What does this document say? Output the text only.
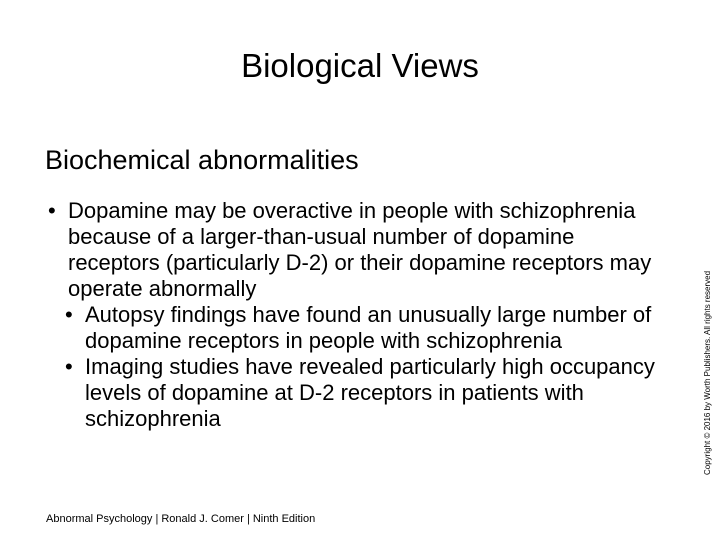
Biological Views
Biochemical abnormalities
• Dopamine may be overactive in people with schizophrenia because of a larger-than-usual number of dopamine receptors (particularly D-2) or their dopamine receptors may operate abnormally
• Autopsy findings have found an unusually large number of dopamine receptors in people with schizophrenia
• Imaging studies have revealed particularly high occupancy levels of dopamine at D-2 receptors in patients with schizophrenia
Abnormal Psychology | Ronald J. Comer | Ninth Edition
Copyright © 2016 by Worth Publishers. All rights reserved
